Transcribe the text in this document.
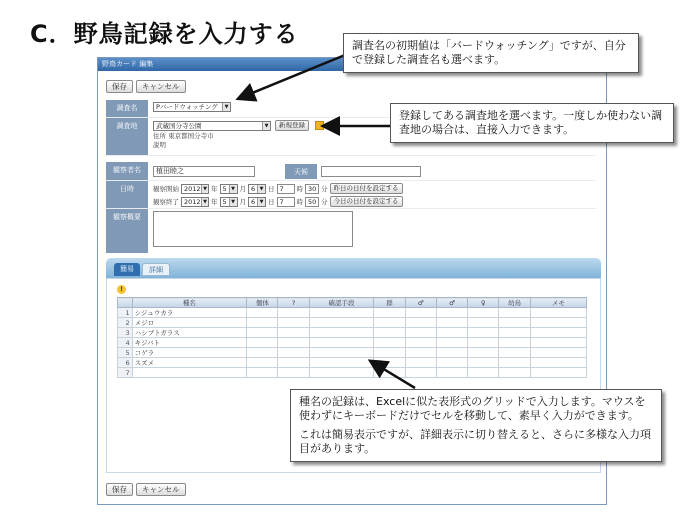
C．野鳥記録を入力する
野鳥カード 編集
保存	キャンセル
調査名	Pバードウォッチング	▼
調査地	武蔵国分寺公園	▼	新規登録
住所 東京都国分寺市
説明
観察者名	植田睦之	天候
日時	観察開始 2012 ▼ 年 5 ▼ 月 6 ▼ 日 7	時 30 分 昨日の日付を設定する
観察終了 2012 ▼ 年 5 ▼ 月 6 ▼ 日 7	時 50 分 今日の日付を設定する
観察概要
簡易	詳細
!
	種名	個体	?	確認手段	群	♂	♂	♀	幼鳥	メモ
1	シジュウカラ									
2	メジロ									
3	ハシブトガラス									
4	キジバト									
5	コゲラ									
6	スズメ									
7										
保存	キャンセル

調査名の初期値は「バードウォッチング」ですが、自分で登録した調査名も選べます。

登録してある調査地を選べます。一度しか使わない調査地の場合は、直接入力できます。

種名の記録は、Excelに似た表形式のグリッドで入力します。マウスを使わずにキーボードだけでセルを移動して、素早く入力ができます。

これは簡易表示ですが、詳細表示に切り替えると、さらに多様な入力項目があります。
